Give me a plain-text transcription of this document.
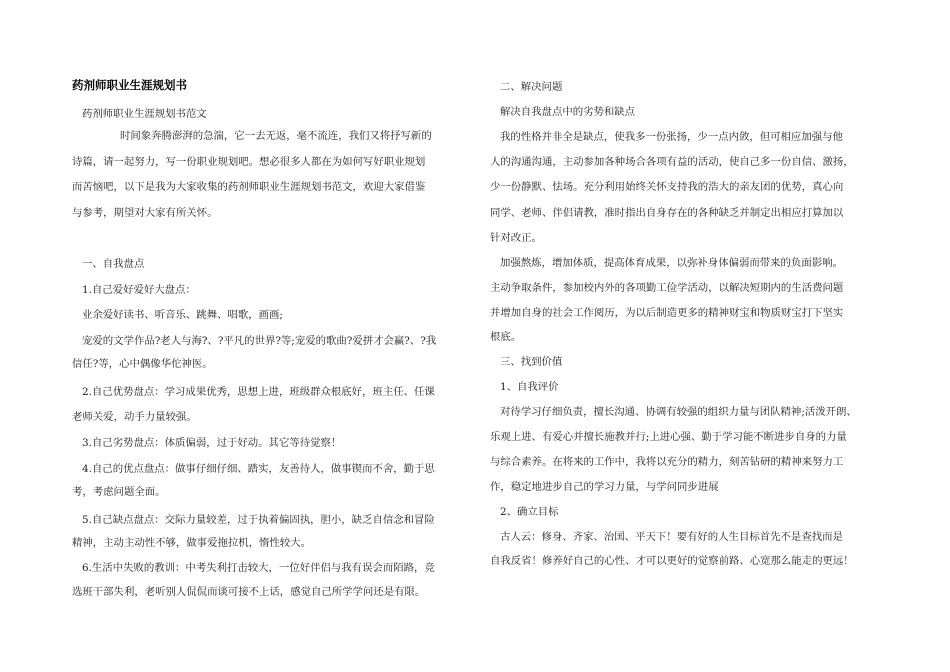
药剂师职业生涯规划书

药剂师职业生涯规划书范文

时间象奔腾澎湃的急湍，它一去无返，毫不流连，我们又将抒写新的

诗篇，请一起努力，写一份职业规划吧。想必很多人都在为如何写好职业规划

而苦恼吧，以下是我为大家收集的药剂师职业生涯规划书范文，欢迎大家借鉴

与参考，期望对大家有所关怀。

一、自我盘点

1.自己爱好爱好大盘点：

业余爱好读书、听音乐、跳舞、唱歌，画画;

宠爱的文学作品?老人与海?、?平凡的世界?等;宠爱的歌曲?爱拼才会赢?、?我

信任?等，心中偶像华佗神医。

2.自己优势盘点：学习成果优秀，思想上进，班级群众根底好，班主任、任课

老师关爱，动手力量较强。

3.自己劣势盘点：体质偏弱，过于好动。其它等待觉察！

4.自己的优点盘点：做事仔细仔细、踏实，友善待人，做事锲而不舍，勤于思

考，考虑问题全面。

5.自己缺点盘点：交际力量较差，过于执着偏固执，胆小，缺乏自信念和冒险

精神，主动主动性不够，做事爱拖拉机，惰性较大。

6.生活中失败的教训：中考失利打击较大，一位好伴侣与我有误会而陌路，竞

选班干部失利，老听别人侃侃而谈可接不上话，感觉自己所学学问还是有限。

二、解决问题

解决自我盘点中的劣势和缺点

我的性格并非全是缺点，使我多一份张扬，少一点内敛，但可相应加强与他

人的沟通沟通，主动参加各种场合各项有益的活动，使自己多一份自信、激扬，

少一份静默、怯场。充分利用始终关怀支持我的浩大的亲友团的优势，真心向

同学、老师、伴侣请教，准时指出自身存在的各种缺乏并制定出相应打算加以

针对改正。

加强熬炼，增加体质，提高体育成果，以弥补身体偏弱而带来的负面影响。

主动争取条件，参加校内外的各项勤工俭学活动，以解决短期内的生活费问题

并增加自身的社会工作阅历，为以后制造更多的精神财宝和物质财宝打下坚实

根底。

三、找到价值

1、自我评价

对待学习仔细负责，擅长沟通、协调有较强的组织力量与团队精神;活泼开朗、

乐观上进、有爱心并擅长施教并行;上进心强、勤于学习能不断进步自身的力量

与综合素养。在将来的工作中，我将以充分的精力，刻苦钻研的精神来努力工

作，稳定地进步自己的学习力量，与学问同步进展

2、确立目标

古人云：修身、齐家、治国、平天下！要有好的人生目标首先不是查找而是

自我反省！修养好自己的心性、才可以更好的觉察前路、心宽那么能走的更远！
